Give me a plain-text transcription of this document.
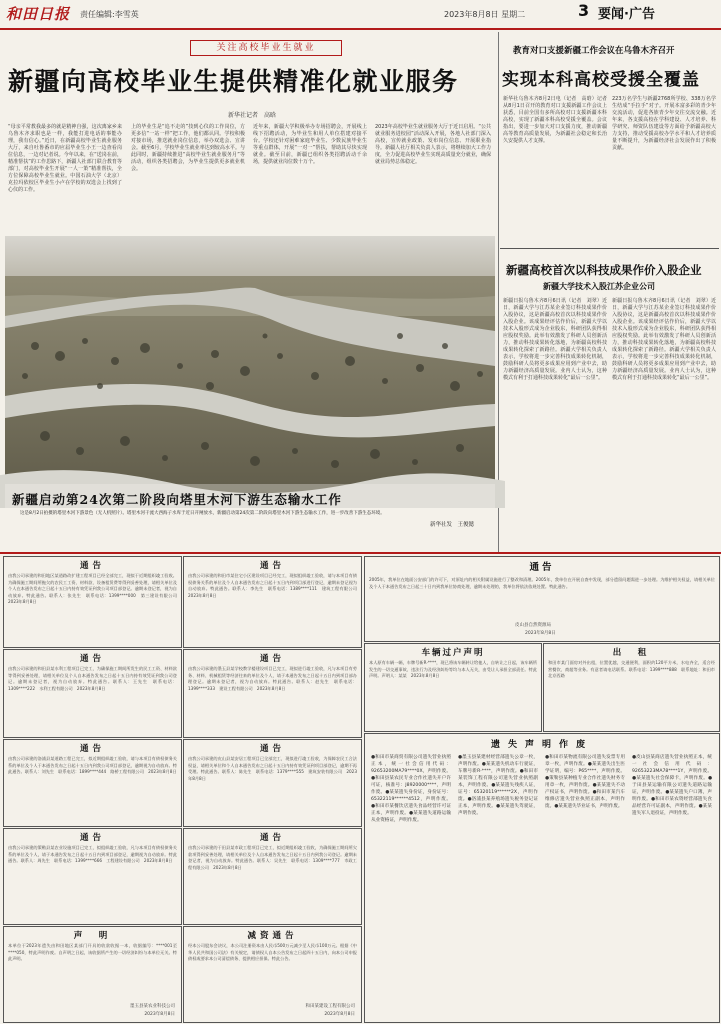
和田日报 责任编辑:李雪英	2023年8月8日 星期二	3 要闻·广告
关注高校毕业生就业
新疆向高校毕业生提供精准化就业服务
新华社记者　高晗
“母亲平常教我最多的就是精神自强，这次离家乡来乌鲁木齐求职也是一样，我能打进电话的事能办理，我有信心。”近日，在新疆高校毕业生就业服务大厅，来自吐鲁番市的应届毕业生小王一边查看岗位信息，一边对记者说。今年以来，在“送岗在前，精准帮扶”的工作思路下，新疆人社部门联合教育等部门，对高校毕业生开展“一人一策”精准帮扶，全方位保障高校毕业生就业。中国石油大学（北京）克拉玛依校区毕业生小卢在学校的双选会上找到了心仪的工作。
上的毕业生是“追不走的”技到心仪的工作岗位，方更多信“一站一样”把工作，他们都认同。学校积极对接市场，推送就业岗位信息，举办双选会、宣讲会。截至6月，学校毕业生就业率达到较高水平。与此同时，新疆持续推进“高校毕业生就业服务月”等活动，组织各类招聘会，为毕业生提供更多就业机会。
近年来，新疆大学积极举办专场招聘会，开展线上线下招聘活动，为毕业生和用人单位搭建对接平台。学校还针对困难家庭毕业生、少数民族毕业生等重点群体，开展“一对一”帮扶，帮助其尽快实现就业。截至目前，新疆已组织各类招聘活动千余场，提供就业岗位数十万个。
2023年高校毕业生就业服务大厅于近日启用。“公共就业服务进校园”活动深入开展，各地人社部门深入高校，宣传就业政策、发布岗位信息、开展职业指导。新疆人社厅相关负责人表示，将继续加大工作力度，全力促进高校毕业生实现高质量充分就业，确保就业局势总体稳定。
教育对口支援新疆工作会议在乌鲁木齐召开
实现本科高校受援全覆盖
新华社乌鲁木齐8月2日电（记者　高晗）记者从8月1日召开的教育对口支援新疆工作会议上获悉，目前全国有多所高校对口支援新疆本科高校，实现了新疆本科高校受援全覆盖。会议指出，要进一步加大对口支援力度，推动新疆高等教育高质量发展，为新疆社会稳定和长治久安提供人才支撑。
223万名学生与新疆2768所学校、338万名学生结成“手拉手”对子。开展本富多彩的青少年交流活动，促进各族青少年交往交流交融。近年来，各支援高校在学科建设、人才培养、科学研究、师资队伍建设等方面给予新疆高校大力支持，推动受援高校办学水平和人才培养质量不断提升，为新疆经济社会发展作出了积极贡献。
新疆启动第24次第二阶段向塔里木河下游生态输水工作
这是8月2日拍摄的塔里木河下游景色（无人机照片）。塔里木河干流大西海子水库于近日开闸放水，新疆启动第24次第二阶段向塔里木河下游生态输水工作，进一步改善下游生态环境。
新华社发　王俊懿
新疆高校首次以科技成果作价入股企业
新疆大学技术入股江苏企业公司
新疆日报乌鲁木齐8月6日讯（记者　刘翠）近日，新疆大学与江苏某企业签订科技成果作价入股协议，这是新疆高校首次以科技成果作价入股企业。该成果经评估作价后，新疆大学以技术入股形式成为企业股东，科研团队获得相应股权奖励。此举有效激发了科研人员创新活力，推动科技成果转化落地，为新疆高校科技成果转化探索了新路径。新疆大学相关负责人表示，学校将进一步完善科技成果转化机制，鼓励科研人员将更多成果应用到产业中去，助力新疆经济高质量发展。业内人士认为，这种模式有利于打通科技成果转化“最后一公里”。
新疆日报乌鲁木齐8月6日讯（记者　刘翠）近日，新疆大学与江苏某企业签订科技成果作价入股协议，这是新疆高校首次以科技成果作价入股企业。该成果经评估作价后，新疆大学以技术入股形式成为企业股东，科研团队获得相应股权奖励。此举有效激发了科研人员创新活力，推动科技成果转化落地，为新疆高校科技成果转化探索了新路径。新疆大学相关负责人表示，学校将进一步完善科技成果转化机制，鼓励科研人员将更多成果应用到产业中去，助力新疆经济高质量发展。业内人士认为，这种模式有利于打通科技成果转化“最后一公里”。
通告
由我公司承建的和田地区某道路改扩建工程项目已经全部完工，现拟于近期组织竣工验收。为确保施工期间所拖欠的农民工工资、材料款、设备租赁费等得到妥善处理，请相关单位及个人在本通告发布之日起十五日内持有效凭证到我公司项目部登记。逾期未登记者，视为自动放弃。特此通告。联系人：张先生　联系电话：1399****000　第三建设有限公司　2023年8月8日
通告
由我公司承建的和田市某住宅小区建设项目已经完工，现拟组织竣工验收，请与本项目有债权债务关系的单位及个人自本通告发布之日起十五日内到项目部进行登记，逾期未登记视为自动放弃。特此通告。联系人：李先生　联系电话：1389****111　建筑工程有限公司　2023年8月8日
通告
由我公司承建的和田县某水利工程项目已完工，为确保施工期间所发生的民工工资、材料款等得到妥善处理，请相关单位及个人自本通告发布之日起十五日内持有效凭证到我公司登记。逾期未登记者，视为自动放弃。特此通告。联系人：王先生　联系电话：1309****222　水利工程有限公司　2023年8月8日
通告
由我公司承建的墨玉县某学校教学楼建设项目已完工，现拟进行竣工验收，凡与本项目有劳务、材料、机械租赁等经济往来的单位及个人，请于本通告发布之日起十五日内到项目部办理登记。逾期未登记者，视为自动放弃。特此通告。联系人：赵先生　联系电话：1399****333　建设工程有限公司　2023年8月8日
通告
由我公司承建的洛浦县某道路工程已完工，拟近期组织竣工验收，请与本项目有债权债务关系的单位及个人于本通告发布之日起十五日内到我公司项目部登记，逾期视为自动放弃。特此通告。联系人：刘先生　联系电话：1899****444　路桥工程有限公司　2023年8月8日
通告
由我公司承建的皮山县某安居工程项目已全部完工，现拟进行竣工验收，为保障农民工合法权益，请相关单位和个人自本通告发布之日起十五日内持有效凭证到项目部登记，逾期不再受理。特此通告。联系人：陈先生　联系电话：1379****555　建筑安装有限公司　2023年8月8日
通告
由我公司承建的策勒县某农业设施项目已完工，拟组织竣工验收，凡与本项目有债权债务关系的单位及个人，请于本通告发布之日起十五日内到项目部登记，逾期视为自动放弃。特此通告。联系人：周先生　联系电话：1399****666　工程建设有限公司　2023年8月8日
通告
由我公司承建的于田县某市政工程项目已完工，拟近期组织竣工验收，为确保施工期间所欠款项得到妥善处理，请相关单位及个人自本通告发布之日起十五日内到我公司登记。逾期未登记者，视为自动放弃。特此通告。联系人：吴先生　联系电话：1309****777　市政工程有限公司　2023年8月8日
声　明
本单位于2023年遗失由和田地区某部门开具的收款收据一本，收据编号：****001至****050，特此声明作废。自声明之日起，该收据所产生的一切经济纠纷与本单位无关。特此声明。
墨玉县某农业科技公司
2023年8月8日
减资通告
经本公司股东会决议，本公司注册资本由人民币500万元减少至人民币100万元。根据《中华人民共和国公司法》有关规定，请债权人自本公告发布之日起四十五日内，向本公司申报债权或要求本公司清偿债务、提供相应担保。特此公告。
和田某建设工程有限公司
2023年8月8日
通告
2005年，我单位在地面公安部门的许可下，对原址内的相关附属设施进行了整改和清理。2005年，我单位在开展自查中发现，部分遗留问题需进一步处理。为维护相关权益，请相关单位及个人于本通告发布之日起三十日内到我单位协商处理，逾期未处理的，我单位将依法依规处置。特此通告。
皮山县自然资源局
2023年8月8日
车辆过户声明
本人原有车辆一辆，车牌号新R·****，现已将该车辆转让给他人，自转让之日起，该车辆所发生的一切交通事故、违法行为及经济纠纷等均与本人无关，由受让人承担全部责任。特此声明。声明人：某某　2023年8月8日
出　租
和田市某门面房对外出租，位置优越，交通便利，面积约120平方米，水电齐全，适合经营餐饮、商超等业务。有意者请电话联系。联系电话：1399****888　联系地址：和田市北京西路
遗失声明作废
●和田市某商贸有限公司遗失营业执照正本，统一社会信用代码：92653200MA79****0X，声明作废。●和田县某农民专业合作社遗失开户许可证，核准号：J8920000****，声明作废。●某某遗失身份证，身份证号：65322119******4512，声明作废。●和田市某餐饮店遗失食品经营许可证正本，声明作废。●某某遗失道路运输从业资格证，声明作废。
●墨玉县某建材经营部遗失公章一枚，声明作废。●某某遗失机动车行驶证，车牌号新R·****，声明作废。●和田市某装饰工程有限公司遗失营业执照副本，声明作废。●某某遗失残疾人证，证号：65320119******2X，声明作废。●洛浦县某养殖场遗失税务登记证正本，声明作废。●某某遗失驾驶证，声明作废。
●和田市某物流有限公司遗失发票专用章一枚，声明作废。●某某遗失出生医学证明，编号：P65****，声明作废。●策勒县某种植专业合作社遗失财务专用章一枚，声明作废。●某某遗失不动产权证书，声明作废。●和田市某汽车维修店遗失营业执照正副本，声明作废。●某某遗失毕业证书，声明作废。
●皮山县某商店遗失营业执照正本，统一社会信用代码：92653223MA78****1Y，声明作废。●某某遗失社会保障卡，声明作废。●于田县某运输有限公司遗失道路运输证，声明作废。●某某遗失户口簿，声明作废。●和田市某农资经营部遗失食品经营许可证副本，声明作废。●某某遗失军人退役证，声明作废。
